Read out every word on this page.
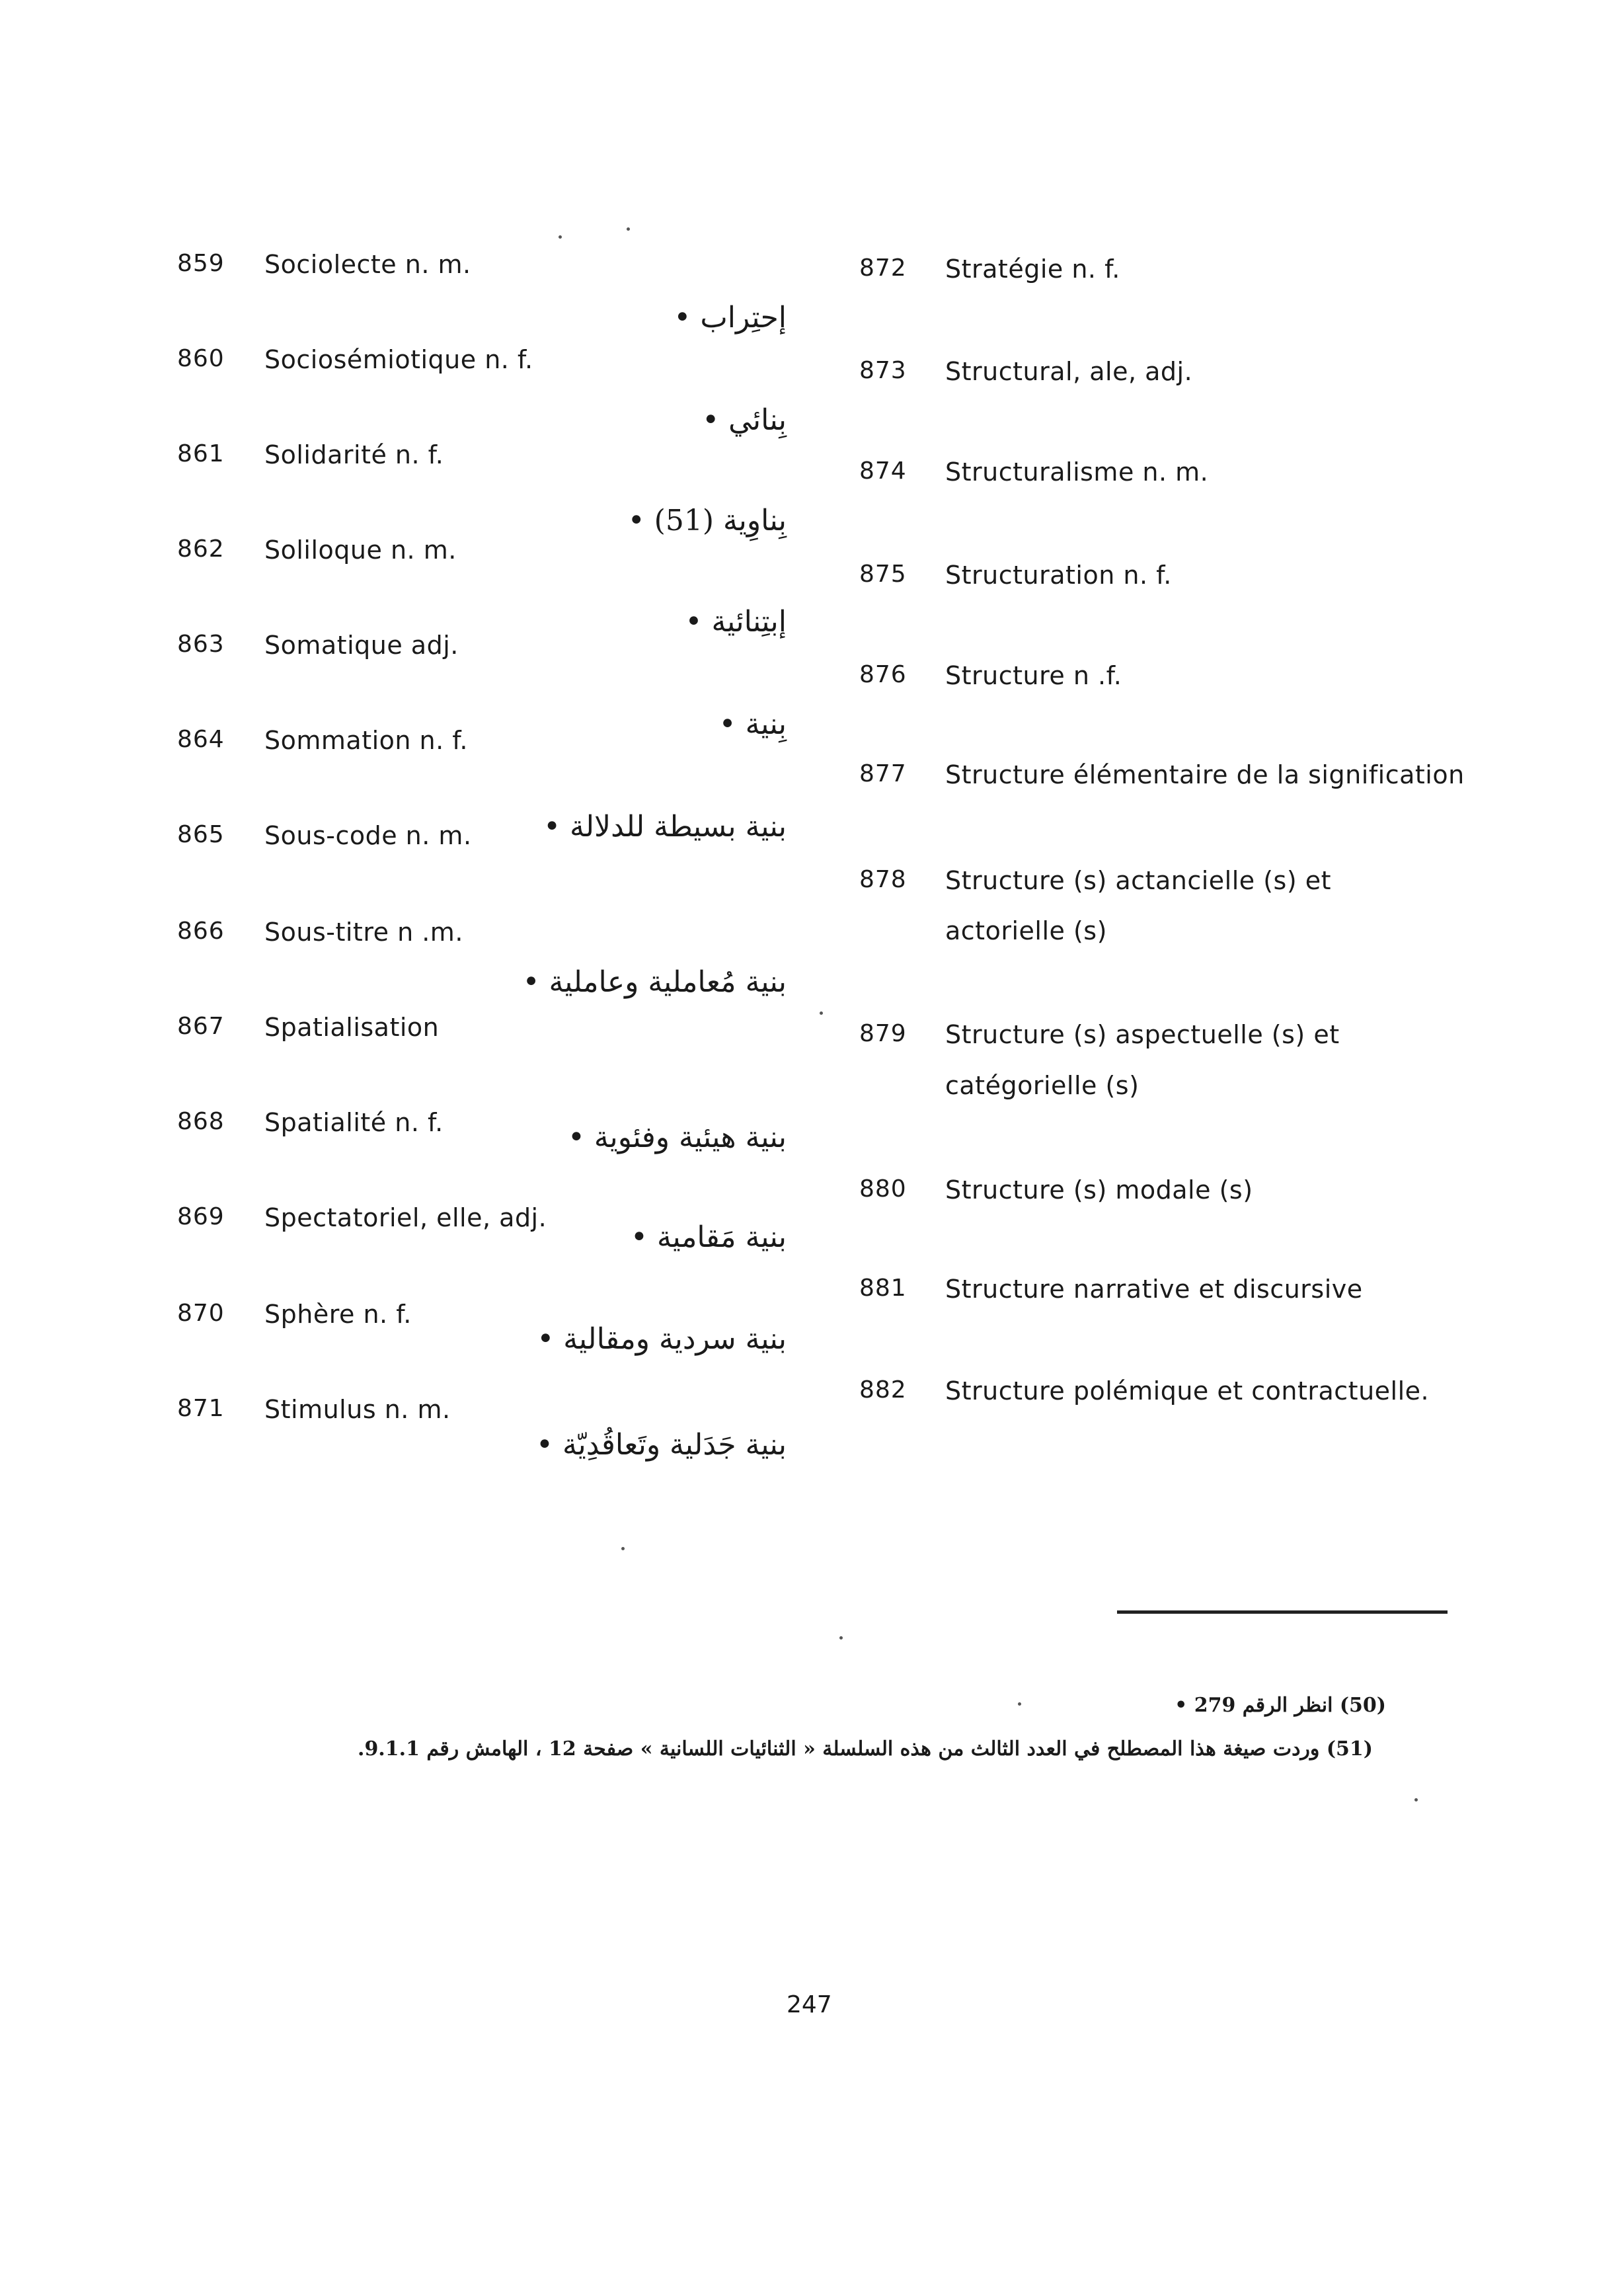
859 Sociolecte n. m.
860 Sociosémiotique n. f.
861 Solidarité n. f.
862 Soliloque n. m.
863 Somatique adj.
864 Sommation n. f.
865 Sous-code n. m.
866 Sous-titre n .m.
867 Spatialisation
868 Spatialité n. f.
869 Spectatoriel, elle, adj.
870 Sphère n. f.
871 Stimulus n. m.
872 Stratégie n. f.
إحتِراب •
873 Structural, ale, adj.
بِنائي •
874 Structuralisme n. m.
بِناوِية (51) •
875 Structuration n. f.
إبتِنائية •
876 Structure n .f.
بِنية •
877 Structure élémentaire de la signification
بنية بسيطة للدلالة •
878 Structure (s) actancielle (s) et
actorielle (s)
بنية مُعاملية وعاملية •
879 Structure (s) aspectuelle (s) et
catégorielle (s)
بنية هيئية وفئوية •
880 Structure (s) modale (s)
بنية مَقامية •
881 Structure narrative et discursive
بنية سردية ومقالية •
882 Structure polémique et contractuelle.
بنية جَدَلية وتَعاقُدِيّة •
(50) انظر الرقم 279 •
(51) وردت صيغة هذا المصطلح في العدد الثالث من هذه السلسلة « الثنائيات اللسانية » صفحة 12 ، الهامش رقم 9.1.1.
247
